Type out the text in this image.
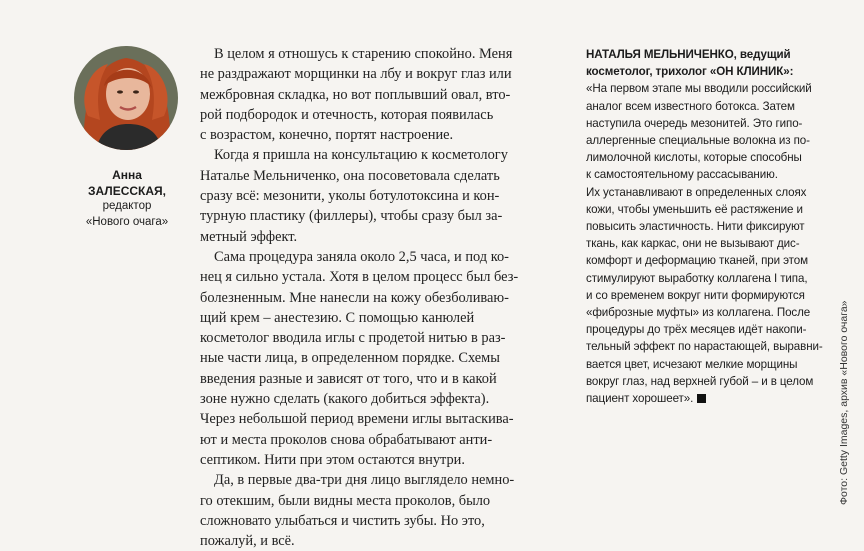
Анна
ЗАЛЕССКАЯ,
редактор
«Нового очага»
В целом я отношусь к старению спокойно. Меня
не раздражают морщинки на лбу и вокруг глаз или
межбровная складка, но вот поплывший овал, вто-
рой подбородок и отечность, которая появилась
с возрастом, конечно, портят настроение.
Когда я пришла на консультацию к косметологу
Наталье Мельниченко, она посоветовала сделать
сразу всё: мезонити, уколы ботулотоксина и кон-
турную пластику (филлеры), чтобы сразу был за-
метный эффект.
Сама процедура заняла около 2,5 часа, и под ко-
нец я сильно устала. Хотя в целом процесс был без-
болезненным. Мне нанесли на кожу обезболиваю-
щий крем – анестезию. С помощью канюлей
косметолог вводила иглы с продетой нитью в раз-
ные части лица, в определенном порядке. Схемы
введения разные и зависят от того, что и в какой
зоне нужно сделать (какого добиться эффекта).
Через небольшой период времени иглы вытаскива-
ют и места проколов снова обрабатывают анти-
септиком. Нити при этом остаются внутри.
Да, в первые два-три дня лицо выглядело немно-
го отекшим, были видны места проколов, было
сложновато улыбаться и чистить зубы. Но это,
пожалуй, и всё.
НАТАЛЬЯ МЕЛЬНИЧЕНКО, ведущий
косметолог, трихолог «ОН КЛИНИК»:
«На первом этапе мы вводили российский
аналог всем известного ботокса. Затем
наступила очередь мезонитей. Это гипо-
аллергенные специальные волокна из по-
лимолочной кислоты, которые способны
к самостоятельному рассасыванию.
Их устанавливают в определенных слоях
кожи, чтобы уменьшить её растяжение и
повысить эластичность. Нити фиксируют
ткань, как каркас, они не вызывают дис-
комфорт и деформацию тканей, при этом
стимулируют выработку коллагена I типа,
и со временем вокруг нити формируются
«фиброзные муфты» из коллагена. После
процедуры до трёх месяцев идёт накопи-
тельный эффект по нарастающей, выравни-
вается цвет, исчезают мелкие морщины
вокруг глаз, над верхней губой – и в целом
пациент хорошеет».	Фото: Getty Images, архив «Нового очага»
